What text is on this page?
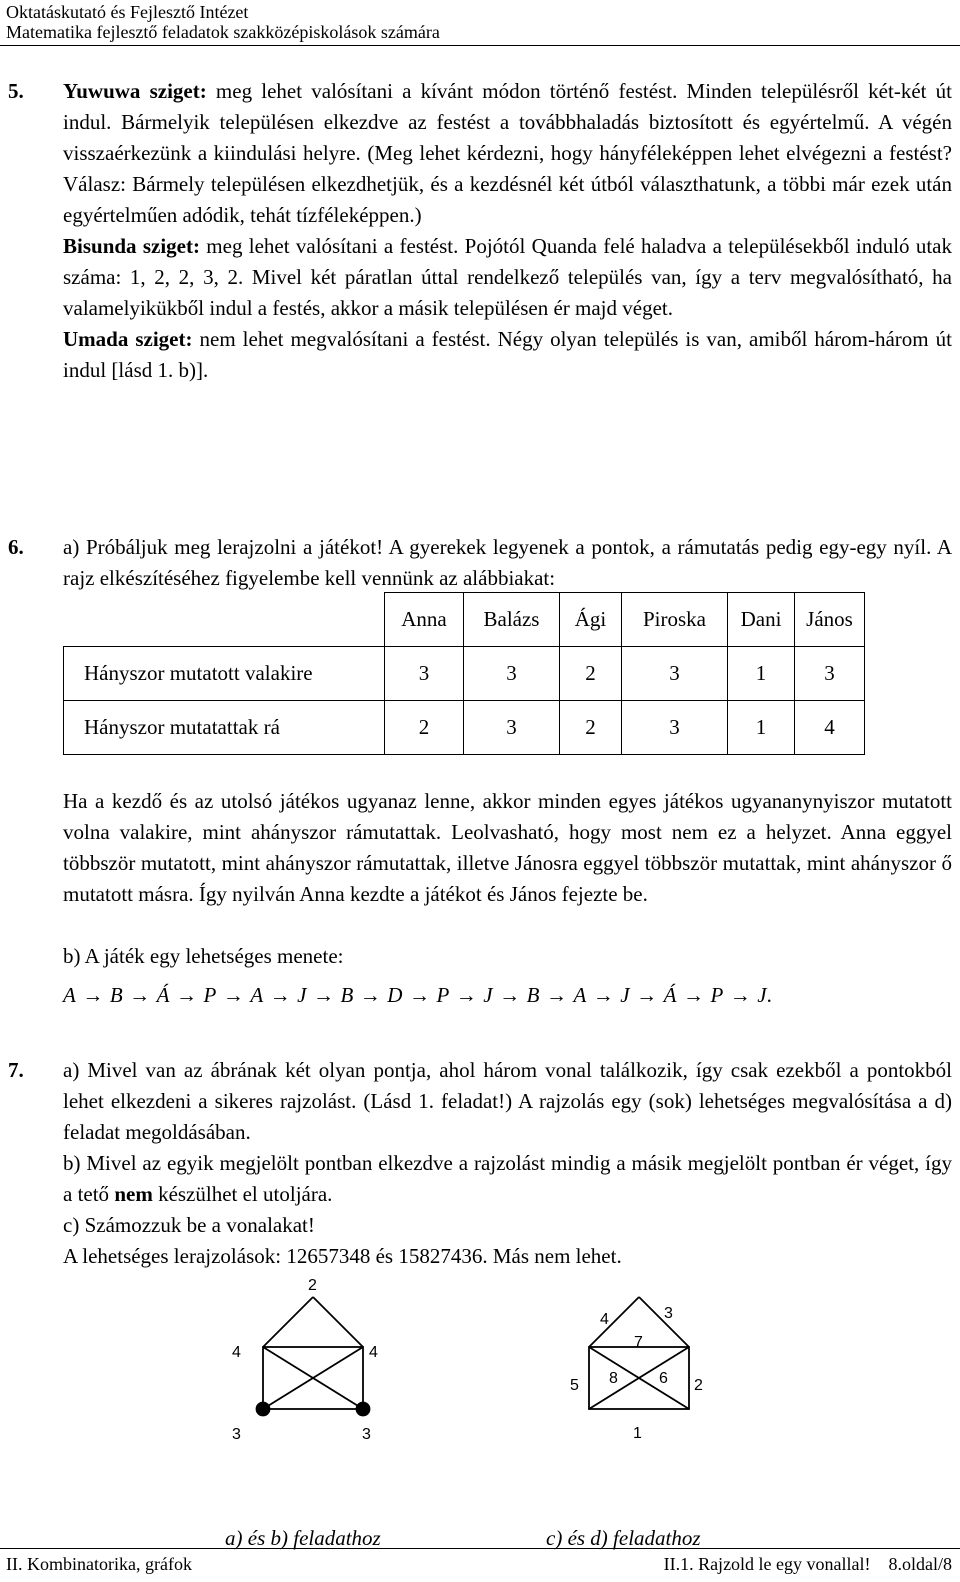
Oktatáskutató és Fejlesztő Intézet
Matematika fejlesztő feladatok szakközépiskolások számára
5. Yuwuwa sziget: meg lehet valósítani a kívánt módon történő festést. Minden településről két-két út indul. Bármelyik településen elkezdve az festést a továbbhaladás biztosított és egyértelmű. A végén visszaérkezünk a kiindulási helyre. (Meg lehet kérdezni, hogy hányféleképpen lehet elvégezni a festést? Válasz: Bármely településen elkezdhetjük, és a kezdésnél két útból választhatunk, a többi már ezek után egyértelműen adódik, tehát tízféleképpen.)
Bisunda sziget: meg lehet valósítani a festést. Pojótól Quanda felé haladva a településekből induló utak száma: 1, 2, 2, 3, 2. Mivel két páratlan úttal rendelkező település van, így a terv megvalósítható, ha valamelyikükből indul a festés, akkor a másik településen ér majd véget.
Umada sziget: nem lehet megvalósítani a festést. Négy olyan település is van, amiből három-három út indul [lásd 1. b)].
6. a) Próbáljuk meg lerajzolni a játékot! A gyerekek legyenek a pontok, a rámutatás pedig egy-egy nyíl. A rajz elkészítéséhez figyelembe kell vennünk az alábbiakat:
	Anna	Balázs	Ági	Piroska	Dani	János
Hányszor mutatott valakire	3	3	2	3	1	3
Hányszor mutatattak rá	2	3	2	3	1	4
Ha a kezdő és az utolsó játékos ugyanaz lenne, akkor minden egyes játékos ugyananynyiszor mutatott volna valakire, mint ahányszor rámutattak. Leolvasható, hogy most nem ez a helyzet. Anna eggyel többször mutatott, mint ahányszor rámutattak, illetve Jánosra eggyel többször mutattak, mint ahányszor ő mutatott másra. Így nyilván Anna kezdte a játékot és János fejezte be.
b) A játék egy lehetséges menete:
A → B → Á → P → A → J → B → D → P → J → B → A → J → Á → P → J.
7. a) Mivel van az ábrának két olyan pontja, ahol három vonal találkozik, így csak ezekből a pontokból lehet elkezdeni a sikeres rajzolást. (Lásd 1. feladat!) A rajzolás egy (sok) lehetséges megvalósítása a d) feladat megoldásában.
b) Mivel az egyik megjelölt pontban elkezdve a rajzolást mindig a másik megjelölt pontban ér véget, így a tető nem készülhet el utoljára.
c) Számozzuk be a vonalakat!
A lehetséges lerajzolások: 12657348 és 15827436. Más nem lehet.
2
4	4
3	3
4	3
7
5 8	6 2
1
a) és b) feladathoz	c) és d) feladathoz
II. Kombinatorika, gráfok	II.1. Rajzold le egy vonallal!    8.oldal/8
